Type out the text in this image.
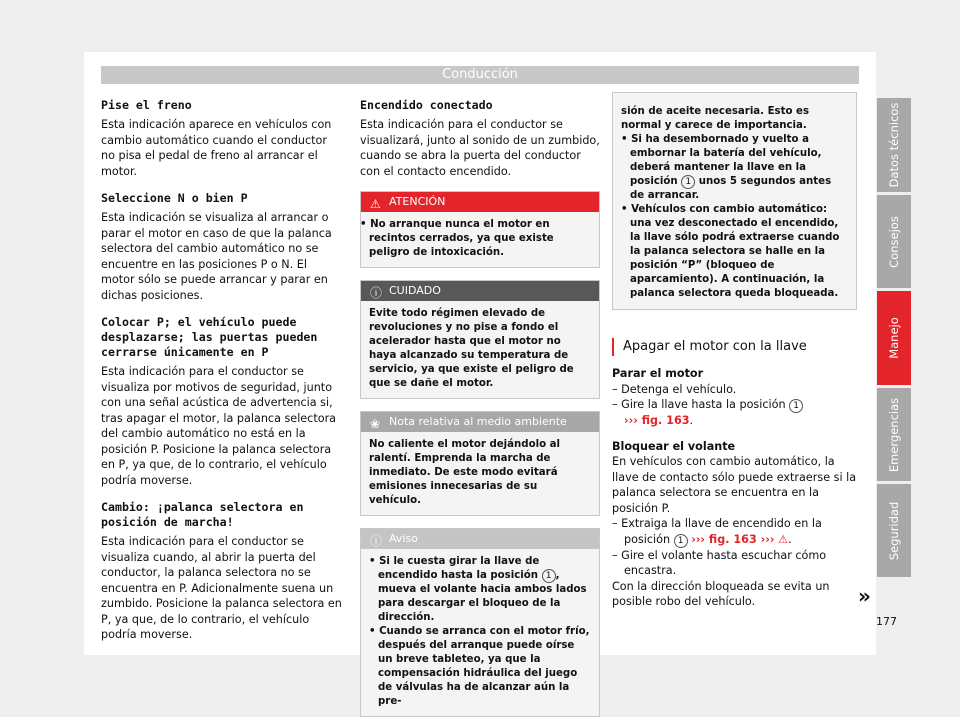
Conducción
Pise el freno

Esta indicación aparece en vehículos con cambio automático cuando el conductor no pisa el pedal de freno al arrancar el motor.

Seleccione N o bien P

Esta indicación se visualiza al arrancar o parar el motor en caso de que la palanca selectora del cambio automático no se encuentre en las posiciones P o N. El motor sólo se puede arrancar y parar en dichas posiciones.

Colocar P; el vehículo puede desplazarse; las puertas pueden cerrarse únicamente en P

Esta indicación para el conductor se visualiza por motivos de seguridad, junto con una señal acústica de advertencia si, tras apagar el motor, la palanca selectora del cambio automático no está en la posición P. Posicione la palanca selectora en P, ya que, de lo contrario, el vehículo podría moverse.

Cambio: ¡palanca selectora en posición de marcha!

Esta indicación para el conductor se visualiza cuando, al abrir la puerta del conductor, la palanca selectora no se encuentra en P. Adicionalmente suena un zumbido. Posicione la palanca selectora en P, ya que, de lo contrario, el vehículo podría moverse.

Encendido conectado

Esta indicación para el conductor se visualizará, junto al sonido de un zumbido, cuando se abra la puerta del conductor con el contacto encendido.

⚠ ATENCIÓN
• No arranque nunca el motor en recintos cerrados, ya que existe peligro de intoxicación.
ⓘ CUIDADO
Evite todo régimen elevado de revoluciones y no pise a fondo el acelerador hasta que el motor no haya alcanzado su temperatura de servicio, ya que existe el peligro de que se dañe el motor.
❀ Nota relativa al medio ambiente
No caliente el motor dejándolo al ralentí. Emprenda la marcha de inmediato. De este modo evitará emisiones innecesarias de su vehículo.
ⓘ Aviso
• Si le cuesta girar la llave de encendido hasta la posición 1 , mueva el volante hacia ambos lados para descargar el bloqueo de la dirección.
• Cuando se arranca con el motor frío, después del arranque puede oírse un breve tableteo, ya que la compensación hidráulica del juego de válvulas ha de alcanzar aún la pre-
sión de aceite necesaria. Esto es normal y carece de importancia.
• Si ha desembornado y vuelto a embornar la batería del vehículo, deberá mantener la llave en la posición 1 unos 5 segundos antes de arrancar.
• Vehículos con cambio automático: una vez desconectado el encendido, la llave sólo podrá extraerse cuando la palanca selectora se halle en la posición “P” (bloqueo de aparcamiento). A continuación, la palanca selectora queda bloqueada.
Apagar el motor con la llave
Parar el motor
– Detenga el vehículo.
– Gire la llave hasta la posición 1
››› fig. 163.
Bloquear el volante

En vehículos con cambio automático, la llave de contacto sólo puede extraerse si la palanca selectora se encuentra en la posición P.

– Extraiga la llave de encendido en la posición 1 ››› fig. 163 ››› ⚠.
– Gire el volante hasta escuchar cómo encastra.

Con la dirección bloqueada se evita un posible robo del vehículo.

Datos técnicos
Consejos
Manejo
Emergencias
Seguridad
»
177
